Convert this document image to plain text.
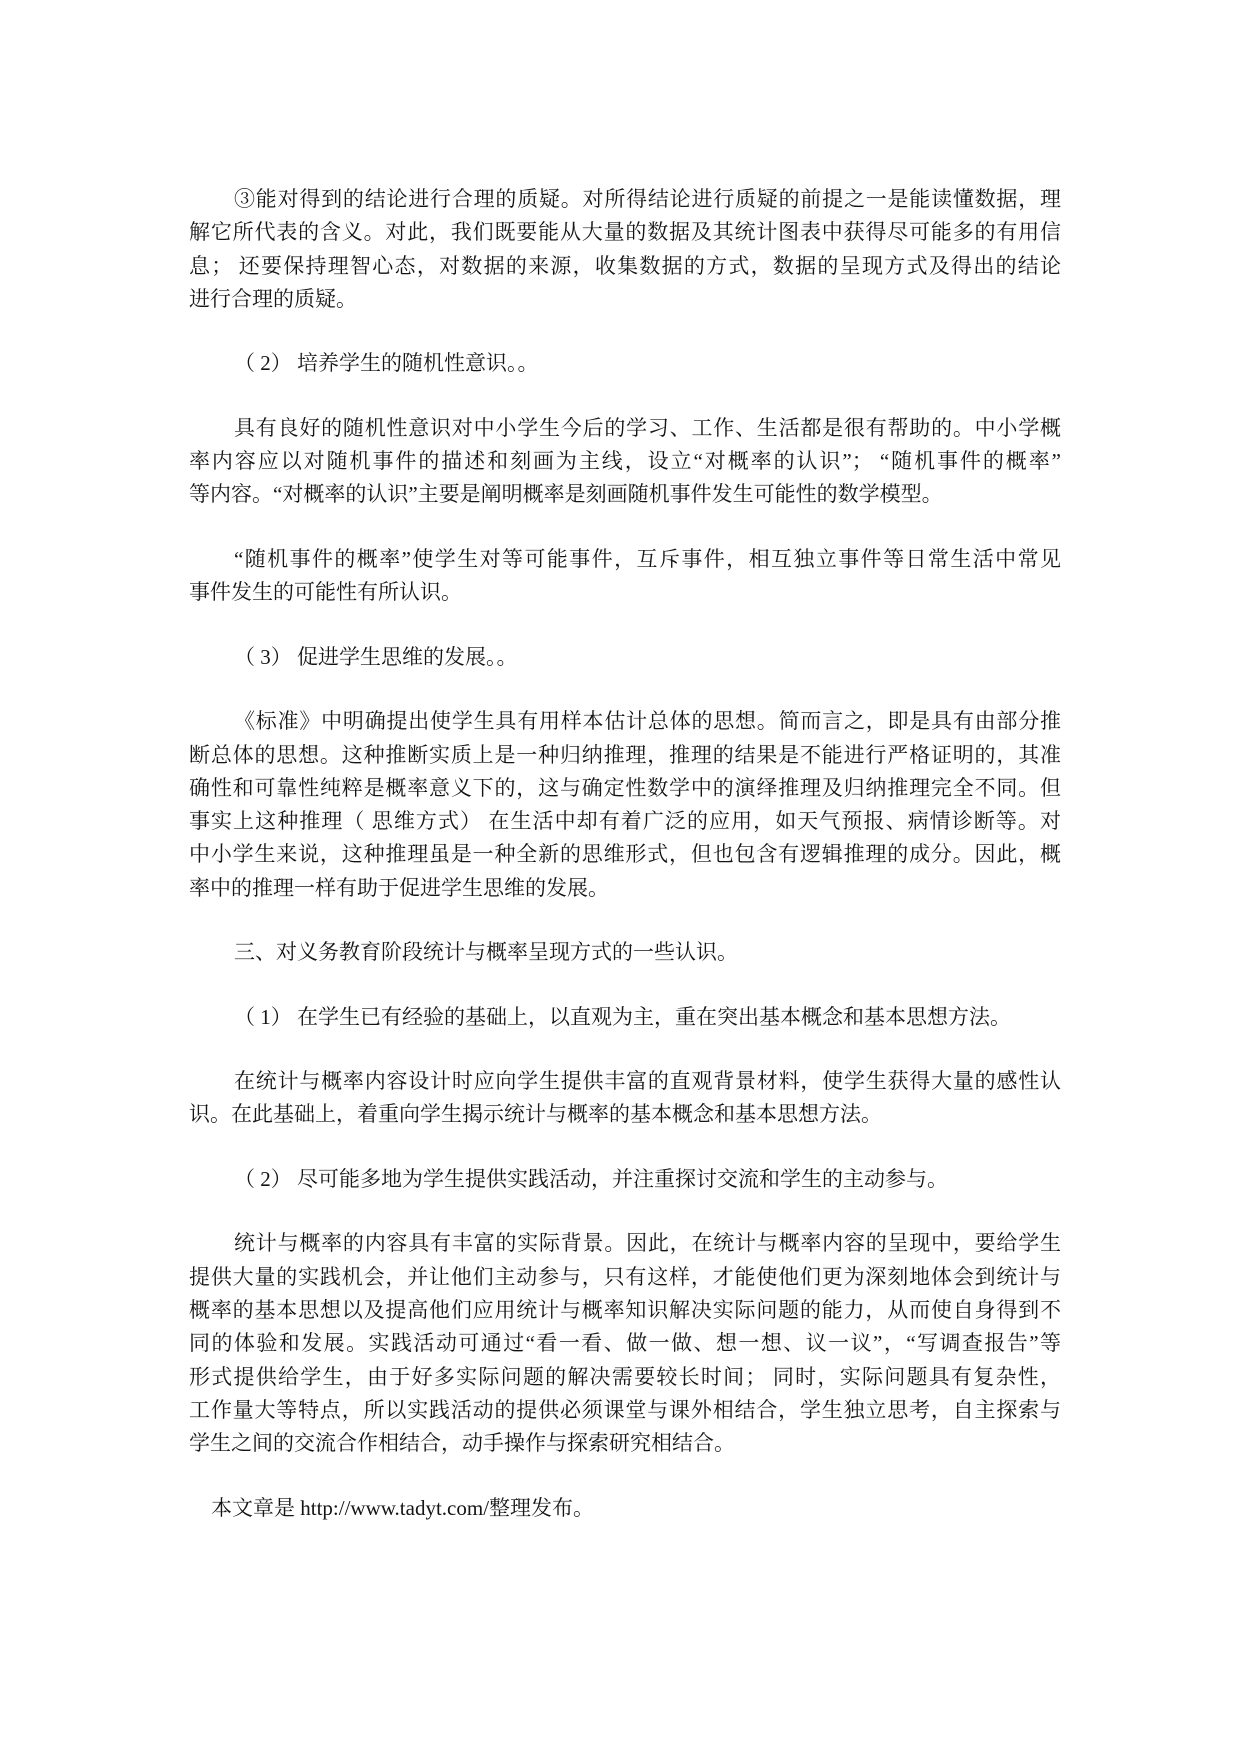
③能对得到的结论进行合理的质疑。对所得结论进行质疑的前提之一是能读懂数据，理
解它所代表的含义。对此，我们既要能从大量的数据及其统计图表中获得尽可能多的有用信
息； 还要保持理智心态，对数据的来源，收集数据的方式，数据的呈现方式及得出的结论
进行合理的质疑。
（ 2） 培养学生的随机性意识。。
具有良好的随机性意识对中小学生今后的学习、工作、生活都是很有帮助的。中小学概
率内容应以对随机事件的描述和刻画为主线，设立“对概率的认识”； “随机事件的概率”
等内容。“对概率的认识”主要是阐明概率是刻画随机事件发生可能性的数学模型。
“随机事件的概率”使学生对等可能事件，互斥事件，相互独立事件等日常生活中常见
事件发生的可能性有所认识。
（ 3） 促进学生思维的发展。。
《标准》中明确提出使学生具有用样本估计总体的思想。简而言之，即是具有由部分推
断总体的思想。这种推断实质上是一种归纳推理，推理的结果是不能进行严格证明的，其准
确性和可靠性纯粹是概率意义下的，这与确定性数学中的演绎推理及归纳推理完全不同。但
事实上这种推理（ 思维方式） 在生活中却有着广泛的应用，如天气预报、病情诊断等。对
中小学生来说，这种推理虽是一种全新的思维形式，但也包含有逻辑推理的成分。因此，概
率中的推理一样有助于促进学生思维的发展。
三、对义务教育阶段统计与概率呈现方式的一些认识。
（ 1） 在学生已有经验的基础上，以直观为主，重在突出基本概念和基本思想方法。
在统计与概率内容设计时应向学生提供丰富的直观背景材料，使学生获得大量的感性认
识。在此基础上，着重向学生揭示统计与概率的基本概念和基本思想方法。
（ 2） 尽可能多地为学生提供实践活动，并注重探讨交流和学生的主动参与。
统计与概率的内容具有丰富的实际背景。因此，在统计与概率内容的呈现中，要给学生
提供大量的实践机会，并让他们主动参与，只有这样，才能使他们更为深刻地体会到统计与
概率的基本思想以及提高他们应用统计与概率知识解决实际问题的能力，从而使自身得到不
同的体验和发展。实践活动可通过“看一看、做一做、想一想、议一议”，“写调查报告”等
形式提供给学生，由于好多实际问题的解决需要较长时间； 同时，实际问题具有复杂性，
工作量大等特点，所以实践活动的提供必须课堂与课外相结合，学生独立思考，自主探索与
学生之间的交流合作相结合，动手操作与探索研究相结合。
本文章是 http://www.tadyt.com/整理发布。
